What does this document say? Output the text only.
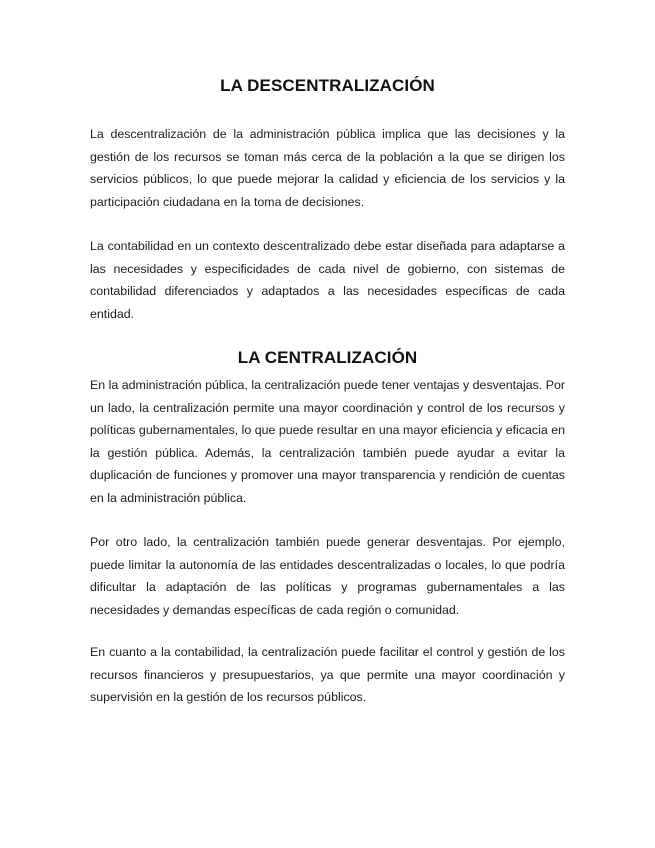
LA DESCENTRALIZACIÓN

La descentralización de la administración pública implica que las decisiones y la gestión de los recursos se toman más cerca de la población a la que se dirigen los servicios públicos, lo que puede mejorar la calidad y eficiencia de los servicios y la participación ciudadana en la toma de decisiones.

La contabilidad en un contexto descentralizado debe estar diseñada para adaptarse a las necesidades y especificidades de cada nivel de gobierno, con sistemas de contabilidad diferenciados y adaptados a las necesidades específicas de cada entidad.

LA CENTRALIZACIÓN

En la administración pública, la centralización puede tener ventajas y desventajas. Por un lado, la centralización permite una mayor coordinación y control de los recursos y políticas gubernamentales, lo que puede resultar en una mayor eficiencia y eficacia en la gestión pública. Además, la centralización también puede ayudar a evitar la duplicación de funciones y promover una mayor transparencia y rendición de cuentas en la administración pública.

Por otro lado, la centralización también puede generar desventajas. Por ejemplo, puede limitar la autonomía de las entidades descentralizadas o locales, lo que podría dificultar la adaptación de las políticas y programas gubernamentales a las necesidades y demandas específicas de cada región o comunidad.

En cuanto a la contabilidad, la centralización puede facilitar el control y gestión de los recursos financieros y presupuestarios, ya que permite una mayor coordinación y supervisión en la gestión de los recursos públicos.
